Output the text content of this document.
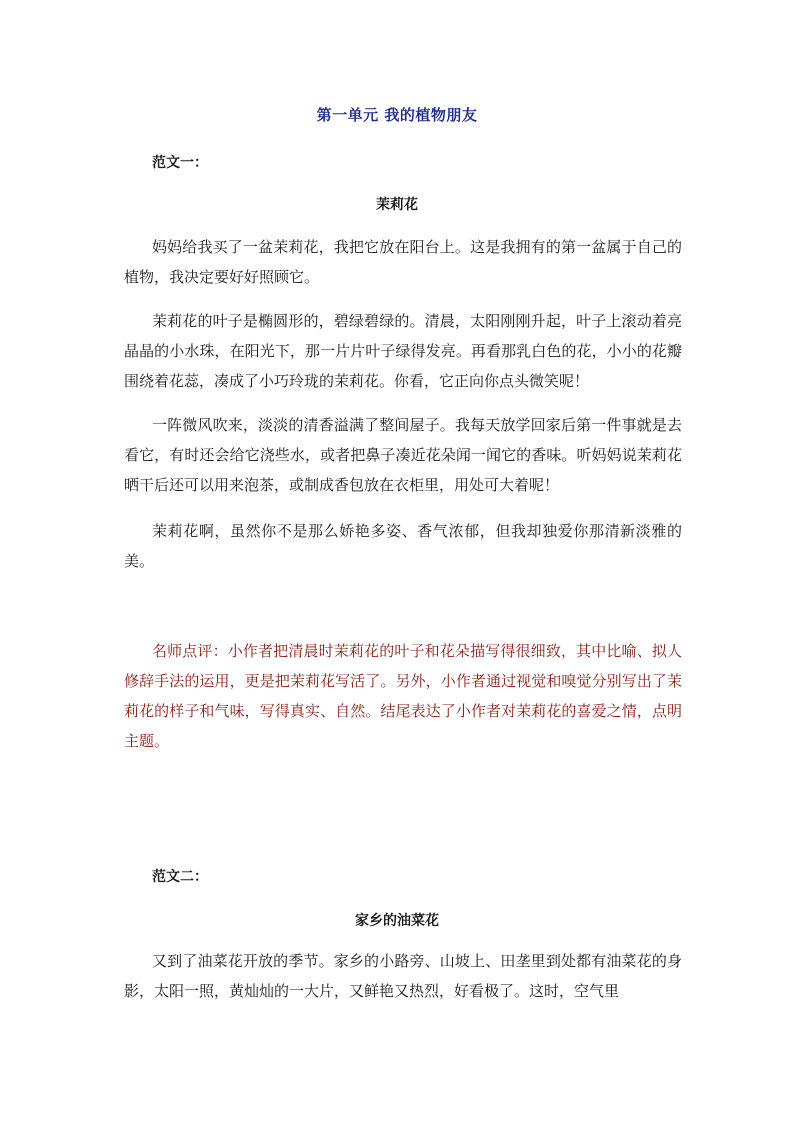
第一单元 我的植物朋友
范文一：
茉莉花

妈妈给我买了一盆茉莉花，我把它放在阳台上。这是我拥有的第一盆属于自己的植物，我决定要好好照顾它。

茉莉花的叶子是椭圆形的，碧绿碧绿的。清晨，太阳刚刚升起，叶子上滚动着亮晶晶的小水珠，在阳光下，那一片片叶子绿得发亮。再看那乳白色的花，小小的花瓣围绕着花蕊，凑成了小巧玲珑的茉莉花。你看，它正向你点头微笑呢！

一阵微风吹来，淡淡的清香溢满了整间屋子。我每天放学回家后第一件事就是去看它，有时还会给它浇些水，或者把鼻子凑近花朵闻一闻它的香味。听妈妈说茉莉花晒干后还可以用来泡茶，或制成香包放在衣柜里，用处可大着呢！

茉莉花啊，虽然你不是那么娇艳多姿、香气浓郁，但我却独爱你那清新淡雅的美。

名师点评：小作者把清晨时茉莉花的叶子和花朵描写得很细致，其中比喻、拟人修辞手法的运用，更是把茉莉花写活了。另外，小作者通过视觉和嗅觉分别写出了茉莉花的样子和气味，写得真实、自然。结尾表达了小作者对茉莉花的喜爱之情，点明主题。

范文二：
家乡的油菜花

又到了油菜花开放的季节。家乡的小路旁、山坡上、田垄里到处都有油菜花的身影，太阳一照，黄灿灿的一大片，又鲜艳又热烈，好看极了。这时，空气里
